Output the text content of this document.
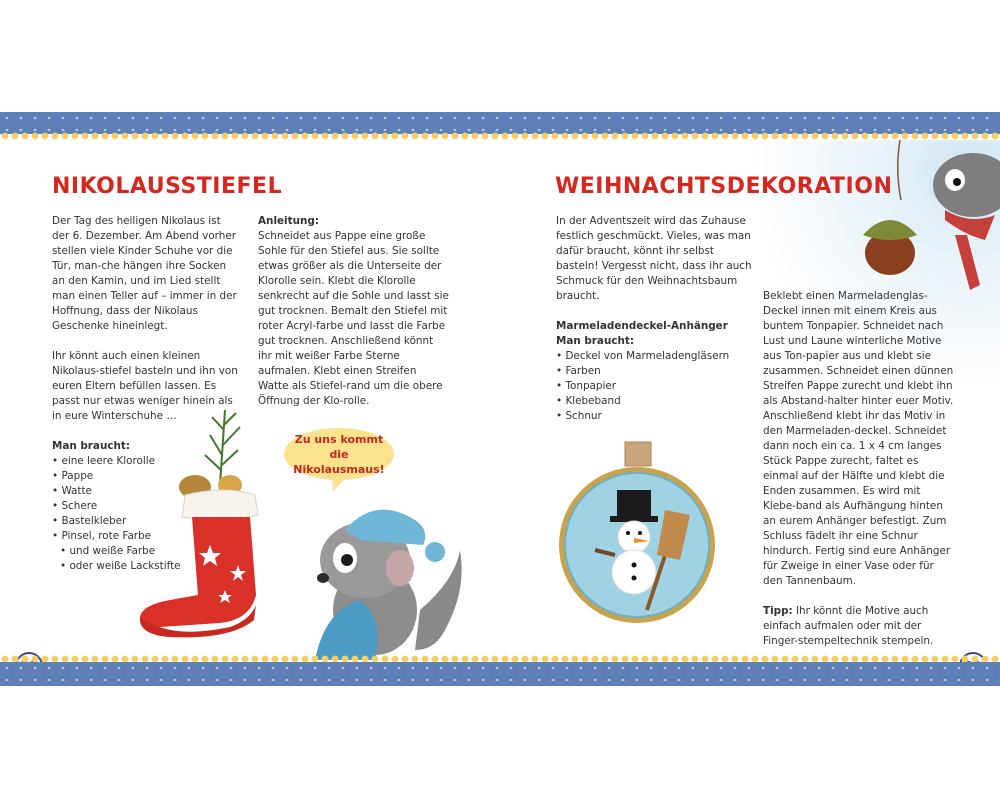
NIKOLAUSSTIEFEL

Der Tag des heiligen Nikolaus ist der 6. Dezember. Am Abend vorher stellen viele Kinder Schuhe vor die Tür, man-che hängen ihre Socken an den Kamin, und im Lied stellt man einen Teller auf – immer in der Hoffnung, dass der Nikolaus Geschenke hineinlegt.

Ihr könnt auch einen kleinen Nikolaus-stiefel basteln und ihn von euren Eltern befüllen lassen. Es passt nur etwas weniger hinein als in eure Winterschuhe …

Man braucht:
• eine leere Klorolle
• Pappe
• Watte
• Schere
• Bastelkleber
• Pinsel, rote Farbe
• und weiße Farbe
• oder weiße Lackstifte
Anleitung:
Schneidet aus Pappe eine große Sohle für den Stiefel aus. Sie sollte etwas größer als die Unterseite der Klorolle sein. Klebt die Klorolle senkrecht auf die Sohle und lasst sie gut trocknen. Bemalt den Stiefel mit roter Acryl-farbe und lasst die Farbe gut trocknen. Anschließend könnt ihr mit weißer Farbe Sterne aufmalen. Klebt einen Streifen Watte als Stiefel-rand um die obere Öffnung der Klo-rolle.
Zu uns kommt die Nikolausmaus!
WEIHNACHTSDEKORATION

In der Adventszeit wird das Zuhause festlich geschmückt. Vieles, was man dafür braucht, könnt ihr selbst basteln! Vergesst nicht, dass ihr auch Schmuck für den Weihnachtsbaum braucht.

Marmeladendeckel-Anhänger
Man braucht:
• Deckel von Marmeladengläsern
• Farben
• Tonpapier
• Klebeband
• Schnur

Beklebt einen Marmeladenglas-Deckel innen mit einem Kreis aus buntem Tonpapier. Schneidet nach Lust und Laune winterliche Motive aus Ton-papier aus und klebt sie zusammen. Schneidet einen dünnen Streifen Pappe zurecht und klebt ihn als Abstand-halter hinter euer Motiv. Anschließend klebt ihr das Motiv in den Marmeladen-deckel. Schneidet dann noch ein ca. 1 x 4 cm langes Stück Pappe zurecht, faltet es einmal auf der Hälfte und klebt die Enden zusammen. Es wird mit Klebe-band als Aufhängung hinten an eurem Anhänger befestigt. Zum Schluss fädelt ihr eine Schnur hindurch. Fertig sind eure Anhänger für Zweige in einer Vase oder für den Tannenbaum.

Tipp: Ihr könnt die Motive auch einfach aufmalen oder mit der Finger-stempeltechnik stempeln.
